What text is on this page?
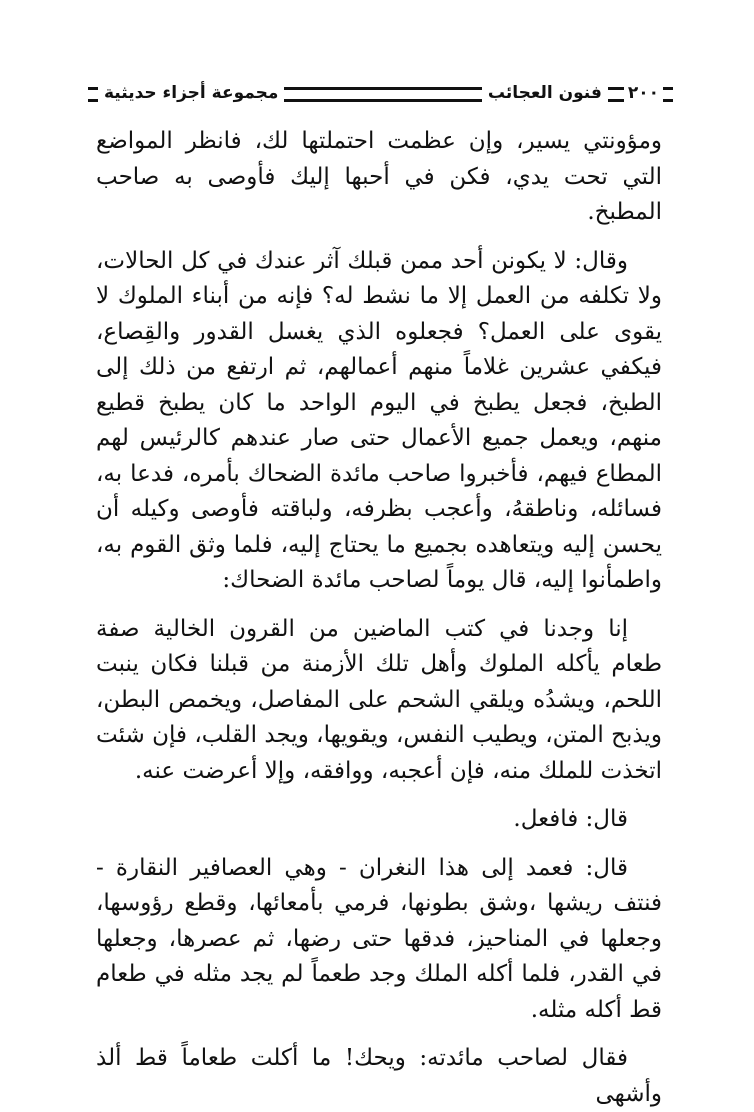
٢٠٠
فنون العجائب
مجموعة أجزاء حديثية

ومؤونتي يسير، وإن عظمت احتملتها لك، فانظر المواضع التي تحت يدي، فكن في أحبها إليك فأوصى به صاحب المطبخ.

وقال: لا يكونن أحد ممن قبلك آثر عندك في كل الحالات، ولا تكلفه من العمل إلا ما نشط له؟ فإنه من أبناء الملوك لا يقوى على العمل؟ فجعلوه الذي يغسل القدور والقِصاع، فيكفي عشرين غلاماً منهم أعمالهم، ثم ارتفع من ذلك إلى الطبخ، فجعل يطبخ في اليوم الواحد ما كان يطبخ قطيع منهم، ويعمل جميع الأعمال حتى صار عندهم كالرئيس لهم المطاع فيهم، فأخبروا صاحب مائدة الضحاك بأمره، فدعا به، فسائله، وناطقهُ، وأعجب بظرفه، ولباقته فأوصى وكيله أن يحسن إليه ويتعاهده بجميع ما يحتاج إليه، فلما وثق القوم به، واطمأنوا إليه، قال يوماً لصاحب مائدة الضحاك:

إنا وجدنا في كتب الماضين من القرون الخالية صفة طعام يأكله الملوك وأهل تلك الأزمنة من قبلنا فكان ينبت اللحم، ويشدُه ويلقي الشحم على المفاصل، ويخمص البطن، ويذبح المتن، ويطيب النفس، ويقويها، ويجد القلب، فإن شئت اتخذت للملك منه، فإن أعجبه، ووافقه، وإلا أعرضت عنه.

قال: فافعل.

قال: فعمد إلى هذا النغران - وهي العصافير النقارة - فنتف ريشها ،وشق بطونها، فرمي بأمعائها، وقطع رؤوسها، وجعلها في المناحيز، فدقها حتى رضها، ثم عصرها، وجعلها في القدر، فلما أكله الملك وجد طعماً لم يجد مثله في طعام قط أكله مثله.

فقال لصاحب مائدته: ويحك! ما أكلت طعاماً قط ألذ وأشهى
